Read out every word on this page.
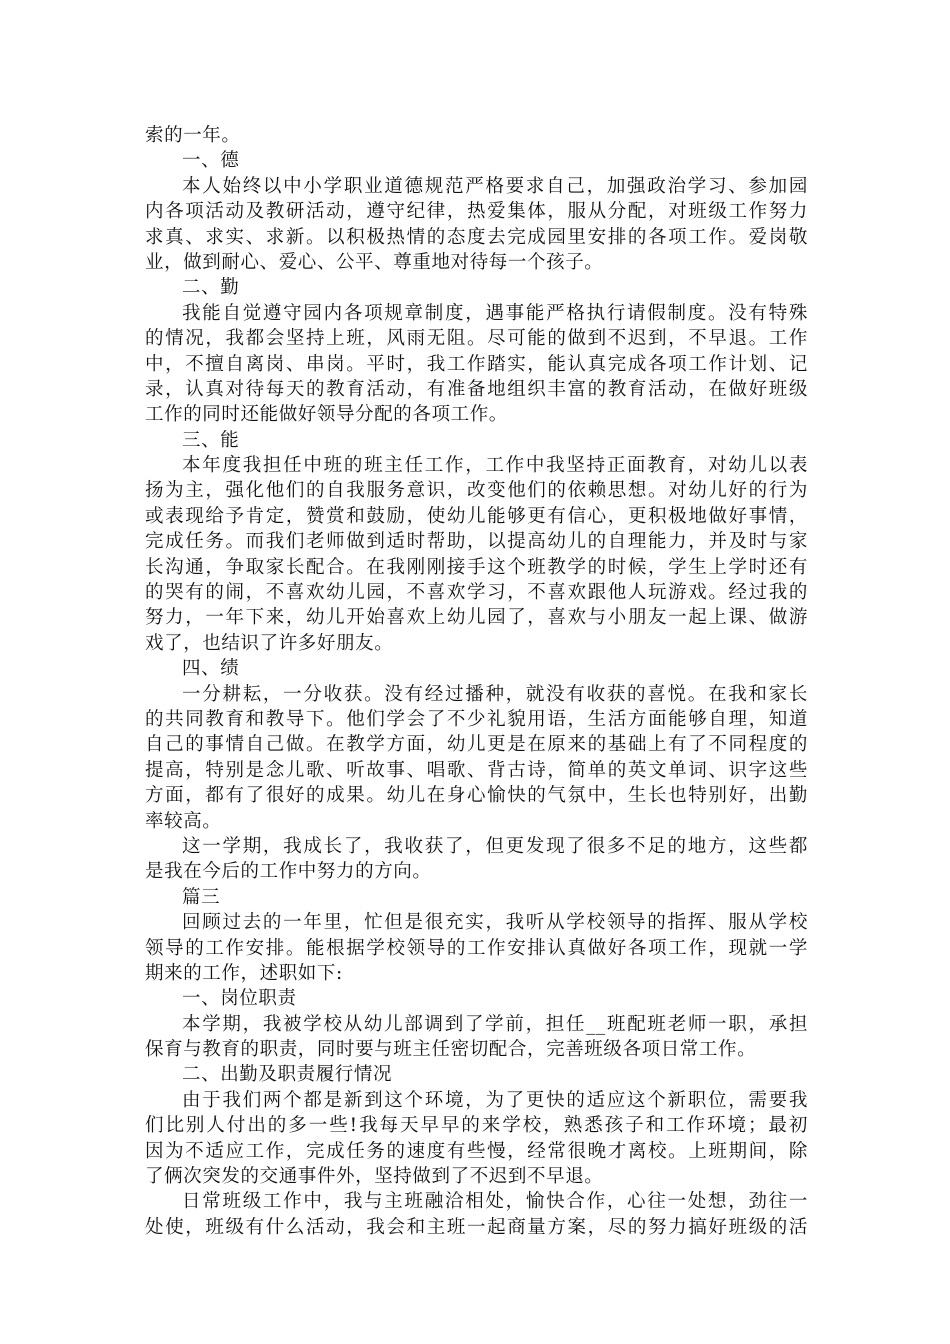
索的一年。
一、德
本人始终以中小学职业道德规范严格要求自己，加强政治学习、参加园
内各项活动及教研活动，遵守纪律，热爱集体，服从分配，对班级工作努力
求真、求实、求新。以积极热情的态度去完成园里安排的各项工作。爱岗敬
业，做到耐心、爱心、公平、尊重地对待每一个孩子。
二、勤
我能自觉遵守园内各项规章制度，遇事能严格执行请假制度。没有特殊
的情况，我都会坚持上班，风雨无阻。尽可能的做到不迟到，不早退。工作
中，不擅自离岗、串岗。平时，我工作踏实，能认真完成各项工作计划、记
录，认真对待每天的教育活动，有准备地组织丰富的教育活动，在做好班级
工作的同时还能做好领导分配的各项工作。
三、能
本年度我担任中班的班主任工作，工作中我坚持正面教育，对幼儿以表
扬为主，强化他们的自我服务意识，改变他们的依赖思想。对幼儿好的行为
或表现给予肯定，赞赏和鼓励，使幼儿能够更有信心，更积极地做好事情，
完成任务。而我们老师做到适时帮助，以提高幼儿的自理能力，并及时与家
长沟通，争取家长配合。在我刚刚接手这个班教学的时候，学生上学时还有
的哭有的闹，不喜欢幼儿园，不喜欢学习，不喜欢跟他人玩游戏。经过我的
努力，一年下来，幼儿开始喜欢上幼儿园了，喜欢与小朋友一起上课、做游
戏了，也结识了许多好朋友。
四、绩
一分耕耘，一分收获。没有经过播种，就没有收获的喜悦。在我和家长
的共同教育和教导下。他们学会了不少礼貌用语，生活方面能够自理，知道
自己的事情自己做。在教学方面，幼儿更是在原来的基础上有了不同程度的
提高，特别是念儿歌、听故事、唱歌、背古诗，简单的英文单词、识字这些
方面，都有了很好的成果。幼儿在身心愉快的气氛中，生长也特别好，出勤
率较高。
这一学期，我成长了，我收获了，但更发现了很多不足的地方，这些都
是我在今后的工作中努力的方向。
篇三
回顾过去的一年里，忙但是很充实，我听从学校领导的指挥、服从学校
领导的工作安排。能根据学校领导的工作安排认真做好各项工作，现就一学
期来的工作，述职如下:
一、岗位职责
本学期，我被学校从幼儿部调到了学前，担任__班配班老师一职，承担
保育与教育的职责，同时要与班主任密切配合，完善班级各项日常工作。
二、出勤及职责履行情况
由于我们两个都是新到这个环境，为了更快的适应这个新职位，需要我
们比别人付出的多一些!我每天早早的来学校，熟悉孩子和工作环境；最初
因为不适应工作，完成任务的速度有些慢，经常很晚才离校。上班期间，除
了俩次突发的交通事件外，坚持做到了不迟到不早退。
日常班级工作中，我与主班融洽相处，愉快合作，心往一处想，劲往一
处使，班级有什么活动，我会和主班一起商量方案，尽的努力搞好班级的活
